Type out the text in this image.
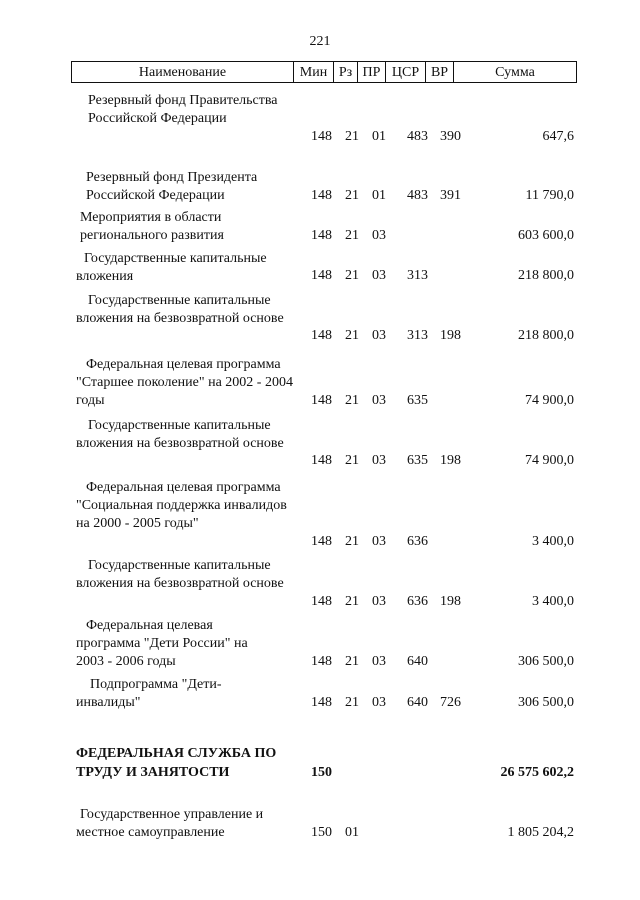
221
Наименование	Мин	Рз	ПР	ЦСР	ВР	Сумма
Резервный фонд Правительства Российской Федерации
148 21 01 483 390	647,6
Резервный фонд Президента Российской Федерации	148 21 01 483 391	11 790,0
Мероприятия в области регионального развития	148 21 03	603 600,0
Государственные капитальные вложения	148 21 03 313	218 800,0
Государственные капитальные вложения на безвозвратной основе
148 21 03 313 198	218 800,0
Федеральная целевая программа "Старшее поколение" на 2002 - 2004 годы	148 21 03 635	74 900,0
Государственные капитальные вложения на безвозвратной основе
148 21 03 635 198	74 900,0
Федеральная целевая программа "Социальная поддержка инвалидов на 2000 - 2005 годы"
148 21 03 636	3 400,0
Государственные капитальные вложения на безвозвратной основе
148 21 03 636 198	3 400,0
Федеральная целевая программа "Дети России" на 2003 - 2006 годы	148 21 03 640	306 500,0
Подпрограмма "Дети-инвалиды"	148 21 03 640 726	306 500,0
ФЕДЕРАЛЬНАЯ СЛУЖБА ПО ТРУДУ И ЗАНЯТОСТИ	150	26 575 602,2
Государственное управление и местное самоуправление	150 01	1 805 204,2
